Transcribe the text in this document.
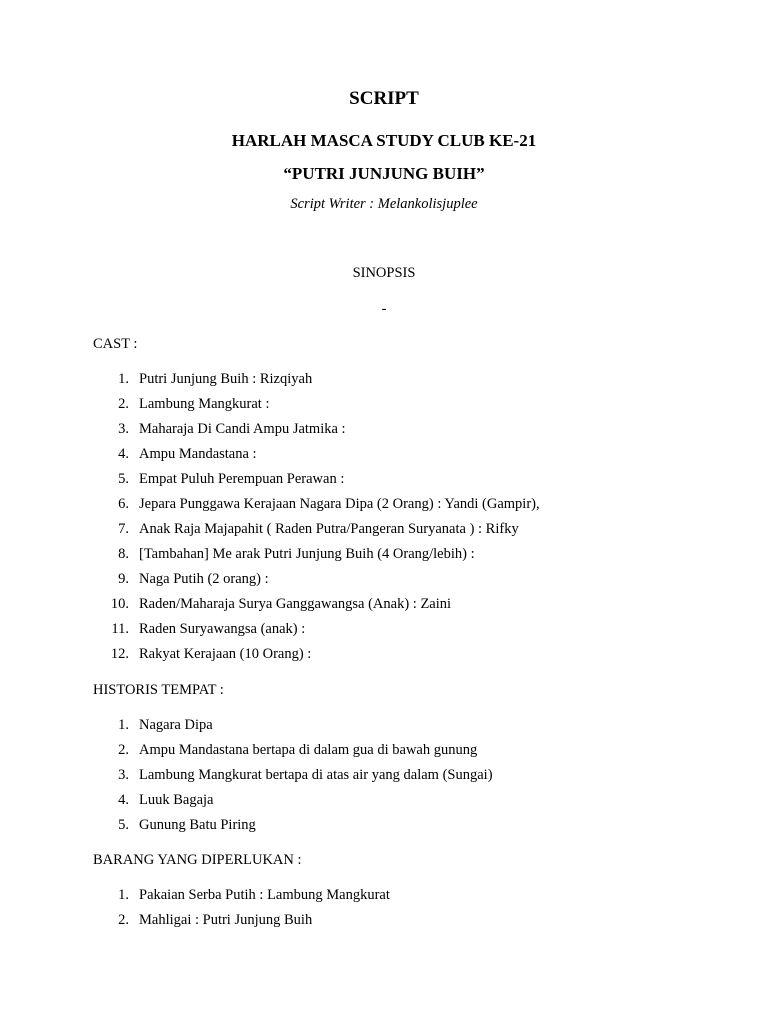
SCRIPT
HARLAH MASCA STUDY CLUB KE-21
“PUTRI JUNJUNG BUIH”
Script Writer : Melankolisjuplee
SINOPSIS
-
CAST :
1. Putri Junjung Buih : Rizqiyah
2. Lambung Mangkurat :
3. Maharaja Di Candi Ampu Jatmika :
4. Ampu Mandastana :
5. Empat Puluh Perempuan Perawan :
6. Jepara Punggawa Kerajaan Nagara Dipa (2 Orang) : Yandi (Gampir),
7. Anak Raja Majapahit ( Raden Putra/Pangeran Suryanata ) : Rifky
8. [Tambahan] Me arak Putri Junjung Buih (4 Orang/lebih) :
9. Naga Putih (2 orang) :
10. Raden/Maharaja Surya Ganggawangsa (Anak) : Zaini
11. Raden Suryawangsa (anak) :
12. Rakyat Kerajaan (10 Orang) :
HISTORIS TEMPAT :
1. Nagara Dipa
2. Ampu Mandastana bertapa di dalam gua di bawah gunung
3. Lambung Mangkurat bertapa di atas air yang dalam (Sungai)
4. Luuk Bagaja
5. Gunung Batu Piring
BARANG YANG DIPERLUKAN :
1. Pakaian Serba Putih : Lambung Mangkurat
2. Mahligai : Putri Junjung Buih
